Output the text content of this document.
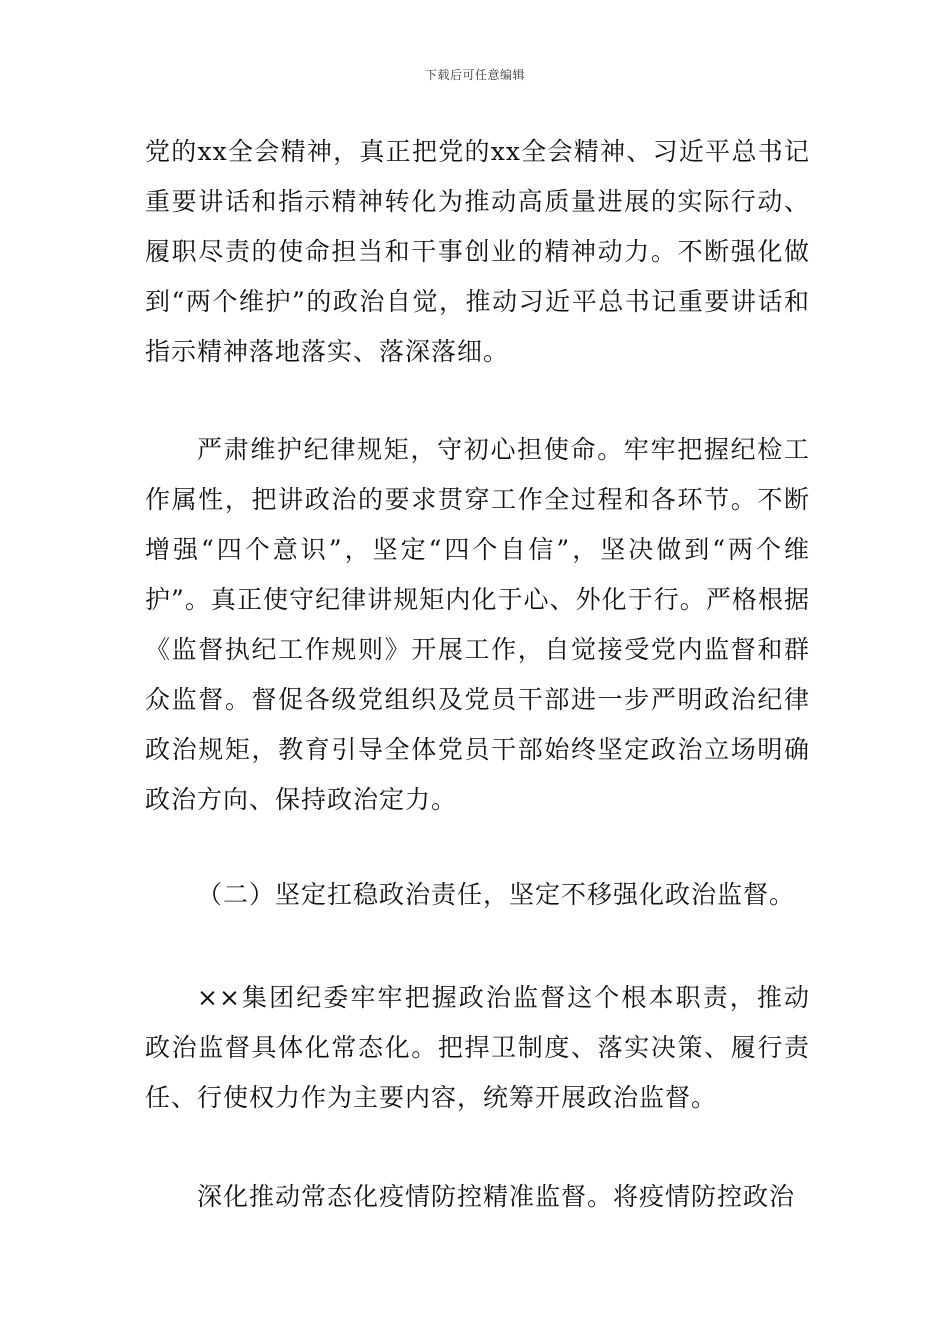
下载后可任意编辑

党的xx全会精神，真正把党的xx全会精神、习近平总书记重要讲话和指示精神转化为推动高质量进展的实际行动、履职尽责的使命担当和干事创业的精神动力。不断强化做到“两个维护”的政治自觉，推动习近平总书记重要讲话和指示精神落地落实、落深落细。

严肃维护纪律规矩，守初心担使命。牢牢把握纪检工作属性，把讲政治的要求贯穿工作全过程和各环节。不断增强“四个意识”，坚定“四个自信”，坚决做到“两个维护”。真正使守纪律讲规矩内化于心、外化于行。严格根据《监督执纪工作规则》开展工作，自觉接受党内监督和群众监督。督促各级党组织及党员干部进一步严明政治纪律政治规矩，教育引导全体党员干部始终坚定政治立场明确政治方向、保持政治定力。

（二）坚定扛稳政治责任，坚定不移强化政治监督。

××集团纪委牢牢把握政治监督这个根本职责，推动政治监督具体化常态化。把捍卫制度、落实决策、履行责任、行使权力作为主要内容，统筹开展政治监督。

深化推动常态化疫情防控精准监督。将疫情防控政治
